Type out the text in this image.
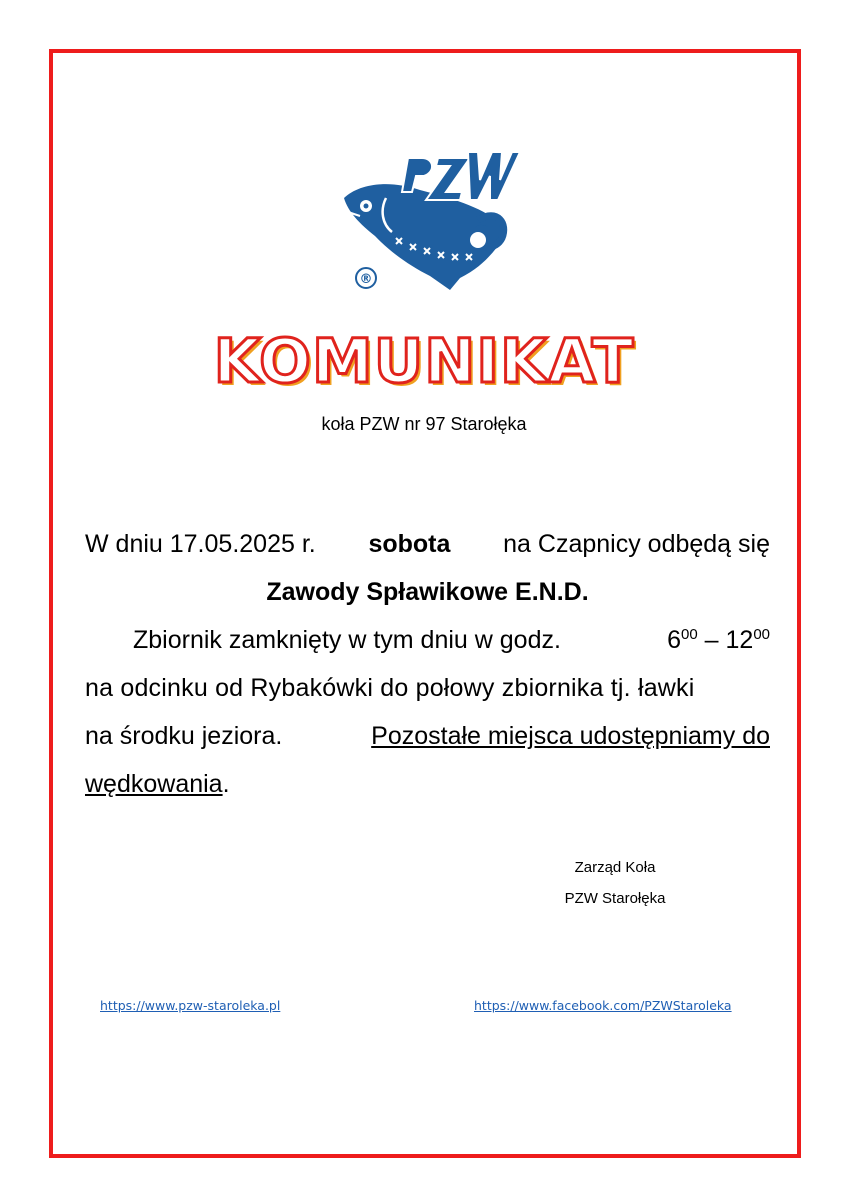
®
KOMUNIKAT
koła PZW nr 97 Starołęka
W dniu 17.05.2025 r. sobota na Czapnicy odbędą się
Zawody Spławikowe E.N.D.
Zbiornik zamknięty w tym dniu w godz.	$6^{00} - 12^{00}$
na odcinku od Rybakówki do połowy zbiornika tj. ławki
na środku jeziora.	Pozostałe miejsca udostępniamy do
wędkowania.
Zarząd Koła
PZW Starołęka
https://www.pzw-staroleka.pl	https://www.facebook.com/PZWStaroleka
